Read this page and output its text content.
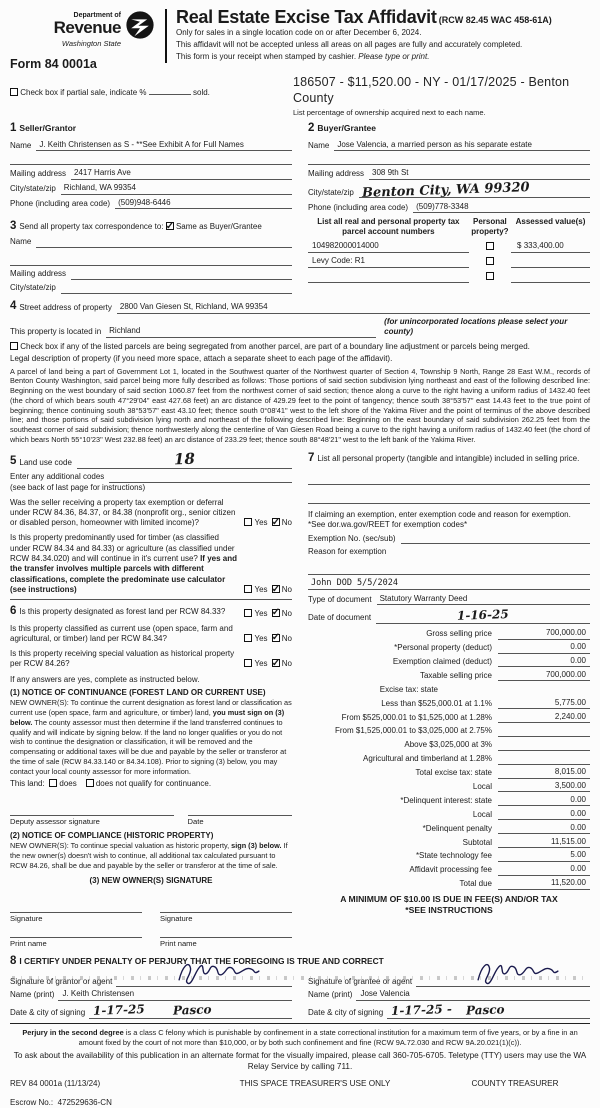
Department of
Revenue
Washington State
Form 84 0001a
Real Estate Excise Tax Affidavit (RCW 82.45 WAC 458-61A)
Only for sales in a single location code on or after December 6, 2024.
This affidavit will not be accepted unless all areas on all pages are fully and accurately completed.
This form is your receipt when stamped by cashier. Please type or print.
Check box if partial sale, indicate %	sold.
186507 - $11,520.00 - NY - 01/17/2025 - Benton County
List percentage of ownership acquired next to each name.
1 Seller/Grantor
Name	J. Keith Christensen as S - **See Exhibit A for Full Names
Mailing address	2417 Harris Ave
City/state/zip	Richland, WA 99354
Phone (including area code)	(509)948-6446
2 Buyer/Grantee
Name	Jose Valencia, a married person as his separate estate
Mailing address	308 9th St
City/state/zip Benton City, WA 99320
Phone (including area code)	(509)778-3348
3 Send all property tax correspondence to: ✓ Same as Buyer/Grantee
Name
Mailing address
City/state/zip
List all real and personal property tax parcel account numbers
Personal property?
Assessed value(s)
104982000014000	$ 333,400.00
Levy Code: R1
4 Street address of property	2800 Van Giesen St, Richland, WA 99354
This property is located in	Richland
(for unincorporated locations please select your county)
Check box if any of the listed parcels are being segregated from another parcel, are part of a boundary line adjustment or parcels being merged.
Legal description of property (if you need more space, attach a separate sheet to each page of the affidavit).
A parcel of land being a part of Government Lot 1, located in the Southwest quarter of the Northwest quarter of Section 4, Township 9 North, Range 28 East W.M., records of Benton County Washington, said parcel being more fully described as follows: Those portions of said section subdivision lying northeast and east of the following described line: Beginning on the west boundary of said section 1060.87 feet from the northwest corner of said section; thence along a curve to the right having a uniform radius of 1432.40 feet (the chord of which bears south 47°29'04" east 427.68 feet) an arc distance of 429.29 feet to the point of tangency; thence south 38°53'57" east 14.43 feet to the true point of beginning; thence continuing south 38°53'57" east 43.10 feet; thence south 0°08'41" west to the left shore of the Yakima River and the point of terminus of the above described line; and those portions of said subdivision lying north and northeast of the following described line: Beginning on the east boundary of said subdivision 262.25 feet from the southeast corner of said subdivision; thence northwesterly along the centerline of Van Giesen Road being a curve to the right having a uniform radius of 1432.40 feet (the chord of which bears North 55°10'23" West 232.88 feet) an arc distance of 233.29 feet; thence south 88°48'21" west to the left bank of the Yakima River.
5 Land use code	18
Enter any additional codes
(see back of last page for instructions)
Was the seller receiving a property tax exemption or deferral under RCW 84.36, 84.37, or 84.38 (nonprofit org., senior citizen or disabled person, homeowner with limited income)?	Yes ✓ No
Is this property predominantly used for timber (as classified under RCW 84.34 and 84.33) or agriculture (as classified under RCW 84.34.020) and will continue in it's current use? If yes and the transfer involves multiple parcels with different classifications, complete the predominate use calculator (see instructions)	Yes ✓ No
6 Is this property designated as forest land per RCW 84.33?	Yes ✓ No
Is this property classified as current use (open space, farm and agricultural, or timber) land per RCW 84.34?	Yes ✓ No
Is this property receiving special valuation as historical property per RCW 84.26?	Yes ✓ No
If any answers are yes, complete as instructed below.
(1) NOTICE OF CONTINUANCE (FOREST LAND OR CURRENT USE)
NEW OWNER(S): To continue the current designation as forest land or classification as current use (open space, farm and agriculture, or timber) land, you must sign on (3) below. The county assessor must then determine if the land transferred continues to qualify and will indicate by signing below. If the land no longer qualifies or you do not wish to continue the designation or classification, it will be removed and the compensating or additional taxes will be due and payable by the seller or transferor at the time of sale (RCW 84.33.140 or 84.34.108). Prior to signing (3) below, you may contact your local county assessor for more information.
This land: does does not qualify for continuance.
Deputy assessor signature	Date
(2) NOTICE OF COMPLIANCE (HISTORIC PROPERTY)
NEW OWNER(S): To continue special valuation as historic property, sign (3) below. If the new owner(s) doesn't wish to continue, all additional tax calculated pursuant to RCW 84.26, shall be due and payable by the seller or transferor at the time of sale.
(3) NEW OWNER(S) SIGNATURE
Signature	Signature
Print name	Print name
7 List all personal property (tangible and intangible) included in selling price.
If claiming an exemption, enter exemption code and reason for exemption. *See dor.wa.gov/REET for exemption codes*
Exemption No. (sec/sub)
Reason for exemption
John DOD 5/5/2024
Type of document	Statutory Warranty Deed
Date of document	1-16-25
Gross selling price	700,000.00
*Personal property (deduct)	0.00
Exemption claimed (deduct)	0.00
Taxable selling price	700,000.00
Excise tax: state
Less than $525,000.01 at 1.1%	5,775.00
From $525,000.01 to $1,525,000 at 1.28%	2,240.00
From $1,525,000.01 to $3,025,000 at 2.75%
Above $3,025,000 at 3%
Agricultural and timberland at 1.28%
Total excise tax: state	8,015.00
Local	3,500.00
*Delinquent interest: state	0.00
Local	0.00
*Delinquent penalty	0.00
Subtotal	11,515.00
*State technology fee	5.00
Affidavit processing fee	0.00
Total due	11,520.00
A MINIMUM OF $10.00 IS DUE IN FEE(S) AND/OR TAX
*SEE INSTRUCTIONS
8 I CERTIFY UNDER PENALTY OF PERJURY THAT THE FOREGOING IS TRUE AND CORRECT
Signature of grantor or agent
Name (print)	J. Keith Christensen
Date & city of signing 1-17-25 Pasco
Signature of grantee or agent
Name (print)	Jose Valencia
Date & city of signing 1-17-25 - Pasco
Perjury in the second degree is a class C felony which is punishable by confinement in a state correctional institution for a maximum term of five years, or by a fine in an amount fixed by the court of not more than $10,000, or by both such confinement and fine (RCW 9A.72.030 and RCW 9A.20.021(1)(c)).
To ask about the availability of this publication in an alternate format for the visually impaired, please call 360-705-6705. Teletype (TTY) users may use the WA Relay Service by calling 711.
REV 84 0001a (11/13/24)	THIS SPACE TREASURER'S USE ONLY	COUNTY TREASURER
Escrow No.: 472529636-CN
